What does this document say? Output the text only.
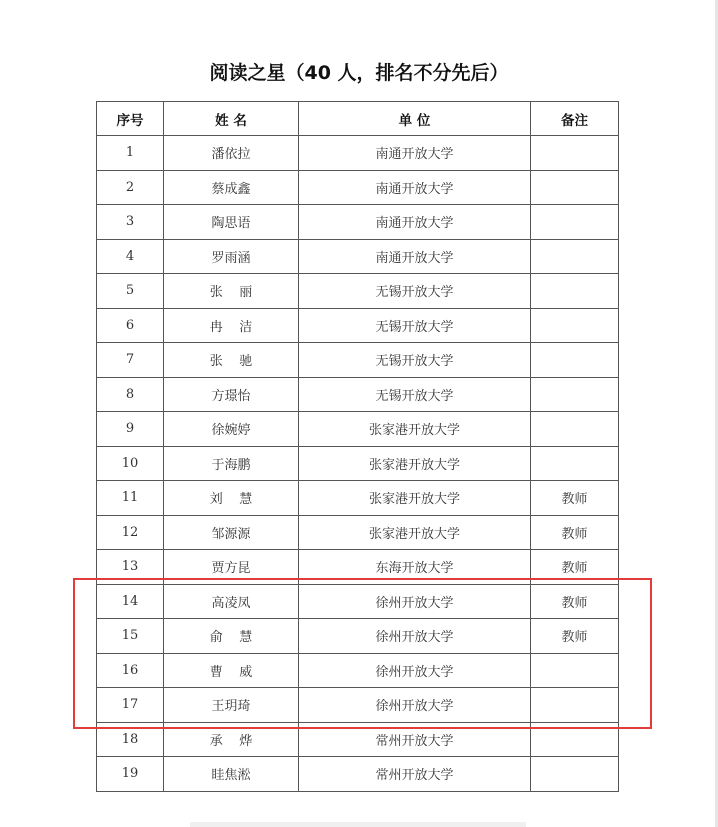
阅读之星（40 人，排名不分先后）
序号	姓 名	单 位	备注
1	潘依拉	南通开放大学	
2	蔡成鑫	南通开放大学	
3	陶思语	南通开放大学	
4	罗雨涵	南通开放大学	
5	张    丽	无锡开放大学	
6	冉    洁	无锡开放大学	
7	张    驰	无锡开放大学	
8	方璟怡	无锡开放大学	
9	徐婉婷	张家港开放大学	
10	于海鹏	张家港开放大学	
11	刘    慧	张家港开放大学	教师
12	邹源源	张家港开放大学	教师
13	贾方昆	东海开放大学	教师
14	高凌凤	徐州开放大学	教师
15	俞    慧	徐州开放大学	教师
16	曹    威	徐州开放大学	
17	王玥琦	徐州开放大学	
18	承    烨	常州开放大学	
19	眭焦淞	常州开放大学	
